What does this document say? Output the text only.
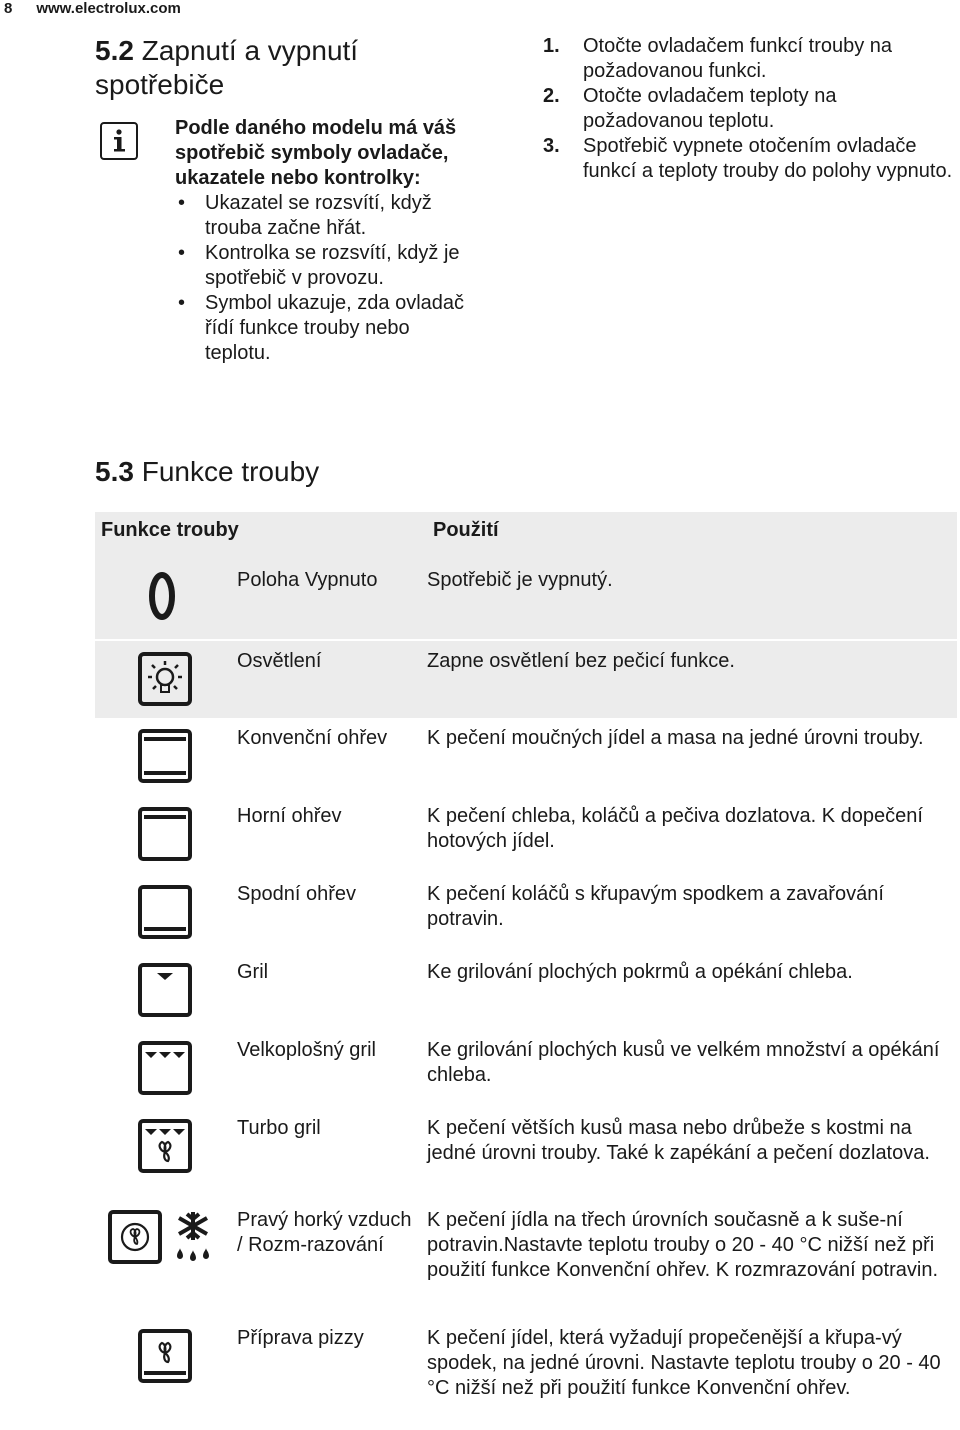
8 www.electrolux.com
5.2 Zapnutí a vypnutí
spotřebiče
Podle daného modelu má váš spotřebič symboly ovladače, ukazatele nebo kontrolky:
• Ukazatel se rozsvítí, když trouba začne hřát.
• Kontrolka se rozsvítí, když je spotřebič v provozu.
• Symbol ukazuje, zda ovladač řídí funkce trouby nebo teplotu.
1. Otočte ovladačem funkcí trouby na požadovanou funkci.
2. Otočte ovladačem teploty na požadovanou teplotu.
3. Spotřebič vypnete otočením ovladače funkcí a teploty trouby do polohy vypnuto.
5.3 Funkce trouby
Funkce trouby		Použití

	Poloha Vypnuto	Spotřebič je vypnutý.

	Osvětlení	Zapne osvětlení bez pečicí funkce.

	Konvenční ohřev	K pečení moučných jídel a masa na jedné úrovni trouby.

	Horní ohřev	K pečení chleba, koláčů a pečiva dozlatova. K dopečení hotových jídel.

	Spodní ohřev	K pečení koláčů s křupavým spodkem a zavařování potravin.

	Gril	Ke grilování plochých pokrmů a opékání chleba.

	Velkoplošný gril	Ke grilování plochých kusů ve velkém množství a opékání chleba.

	Turbo gril	K pečení větších kusů masa nebo drůbeže s kostmi na jedné úrovni trouby. Také k zapékání a pečení dozlatova.

	Pravý horký vzduch / Rozm-razování	K pečení jídla na třech úrovních současně a k suše-ní potravin.Nastavte teplotu trouby o 20 - 40 °C nižší než při použití funkce Konvenční ohřev. K rozmrazování potravin.

	Příprava pizzy	K pečení jídel, která vyžadují propečenější a křupa-vý spodek, na jedné úrovni. Nastavte teplotu trouby o 20 - 40 °C nižší než při použití funkce Konvenční ohřev.
